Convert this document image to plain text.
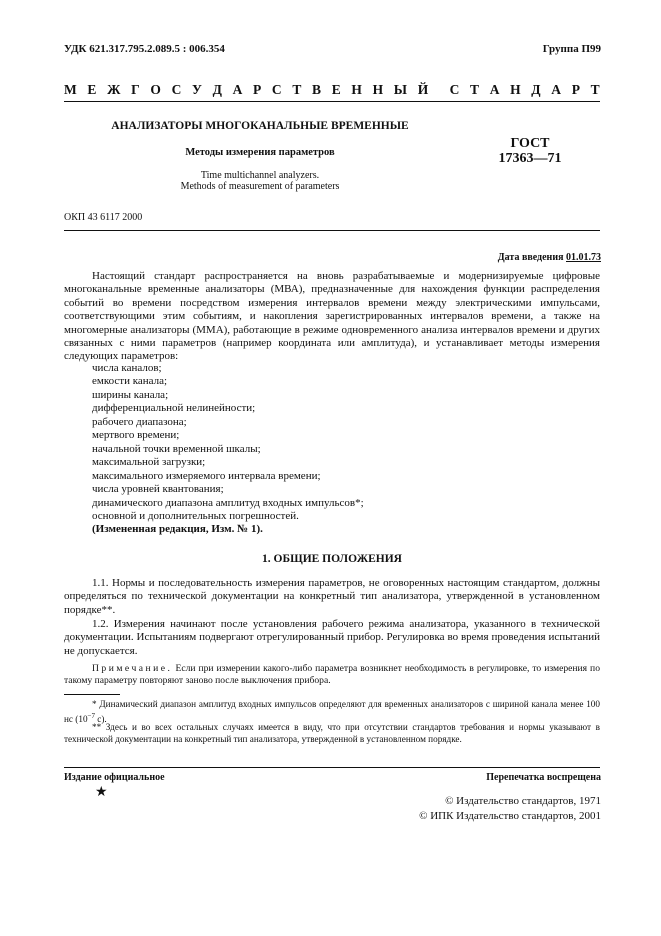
УДК 621.317.795.2.089.5 : 006.354	Группа П99
М Е Ж Г О С У Д А Р С Т В Е Н Н Ы Й С Т А Н Д А Р Т
АНАЛИЗАТОРЫ МНОГОКАНАЛЬНЫЕ ВРЕМЕННЫЕ
Методы измерения параметров
Time multichannel analyzers.
Methods of measurement of parameters
ГОСТ
17363—71
ОКП 43 6117 2000
Дата введения 01.01.73
Настоящий стандарт распространяется на вновь разрабатываемые и модернизируемые цифровые многоканальные временные анализаторы (МВА), предназначенные для нахождения функции распределения событий во времени посредством измерения интервалов времени между электрическими импульсами, соответствующими этим событиям, и накопления зарегистрированных интервалов времени, а также на многомерные анализаторы (ММА), работающие в режиме одновременного анализа интервалов времени и других связанных с ними параметров (например координата или амплитуда), и устанавливает методы измерения следующих параметров:
числа каналов;
емкости канала;
ширины канала;
дифференциальной нелинейности;
рабочего диапазона;
мертвого времени;
начальной точки временной шкалы;
максимальной загрузки;
максимального измеряемого интервала времени;
числа уровней квантования;
динамического диапазона амплитуд входных импульсов*;
основной и дополнительных погрешностей.
(Измененная редакция, Изм. № 1).
1. ОБЩИЕ ПОЛОЖЕНИЯ
1.1. Нормы и последовательность измерения параметров, не оговоренных настоящим стандартом, должны определяться по технической документации на конкретный тип анализатора, утвержденной в установленном порядке**.
1.2. Измерения начинают после установления рабочего режима анализатора, указанного в технической документации. Испытаниям подвергают отрегулированный прибор. Регулировка во время проведения испытаний не допускается.
Примечание. Если при измерении какого-либо параметра возникнет необходимость в регулировке, то измерения по такому параметру повторяют заново после выключения прибора.
* Динамический диапазон амплитуд входных импульсов определяют для временных анализаторов с шириной канала менее 100 нс ($10^{-7}$ с).
** Здесь и во всех остальных случаях имеется в виду, что при отсутствии стандартов требования и нормы указывают в технической документации на конкретный тип анализатора, утвержденной в установленном порядке.
Издание официальное	Перепечатка воспрещена
★
© Издательство стандартов, 1971
© ИПК Издательство стандартов, 2001
